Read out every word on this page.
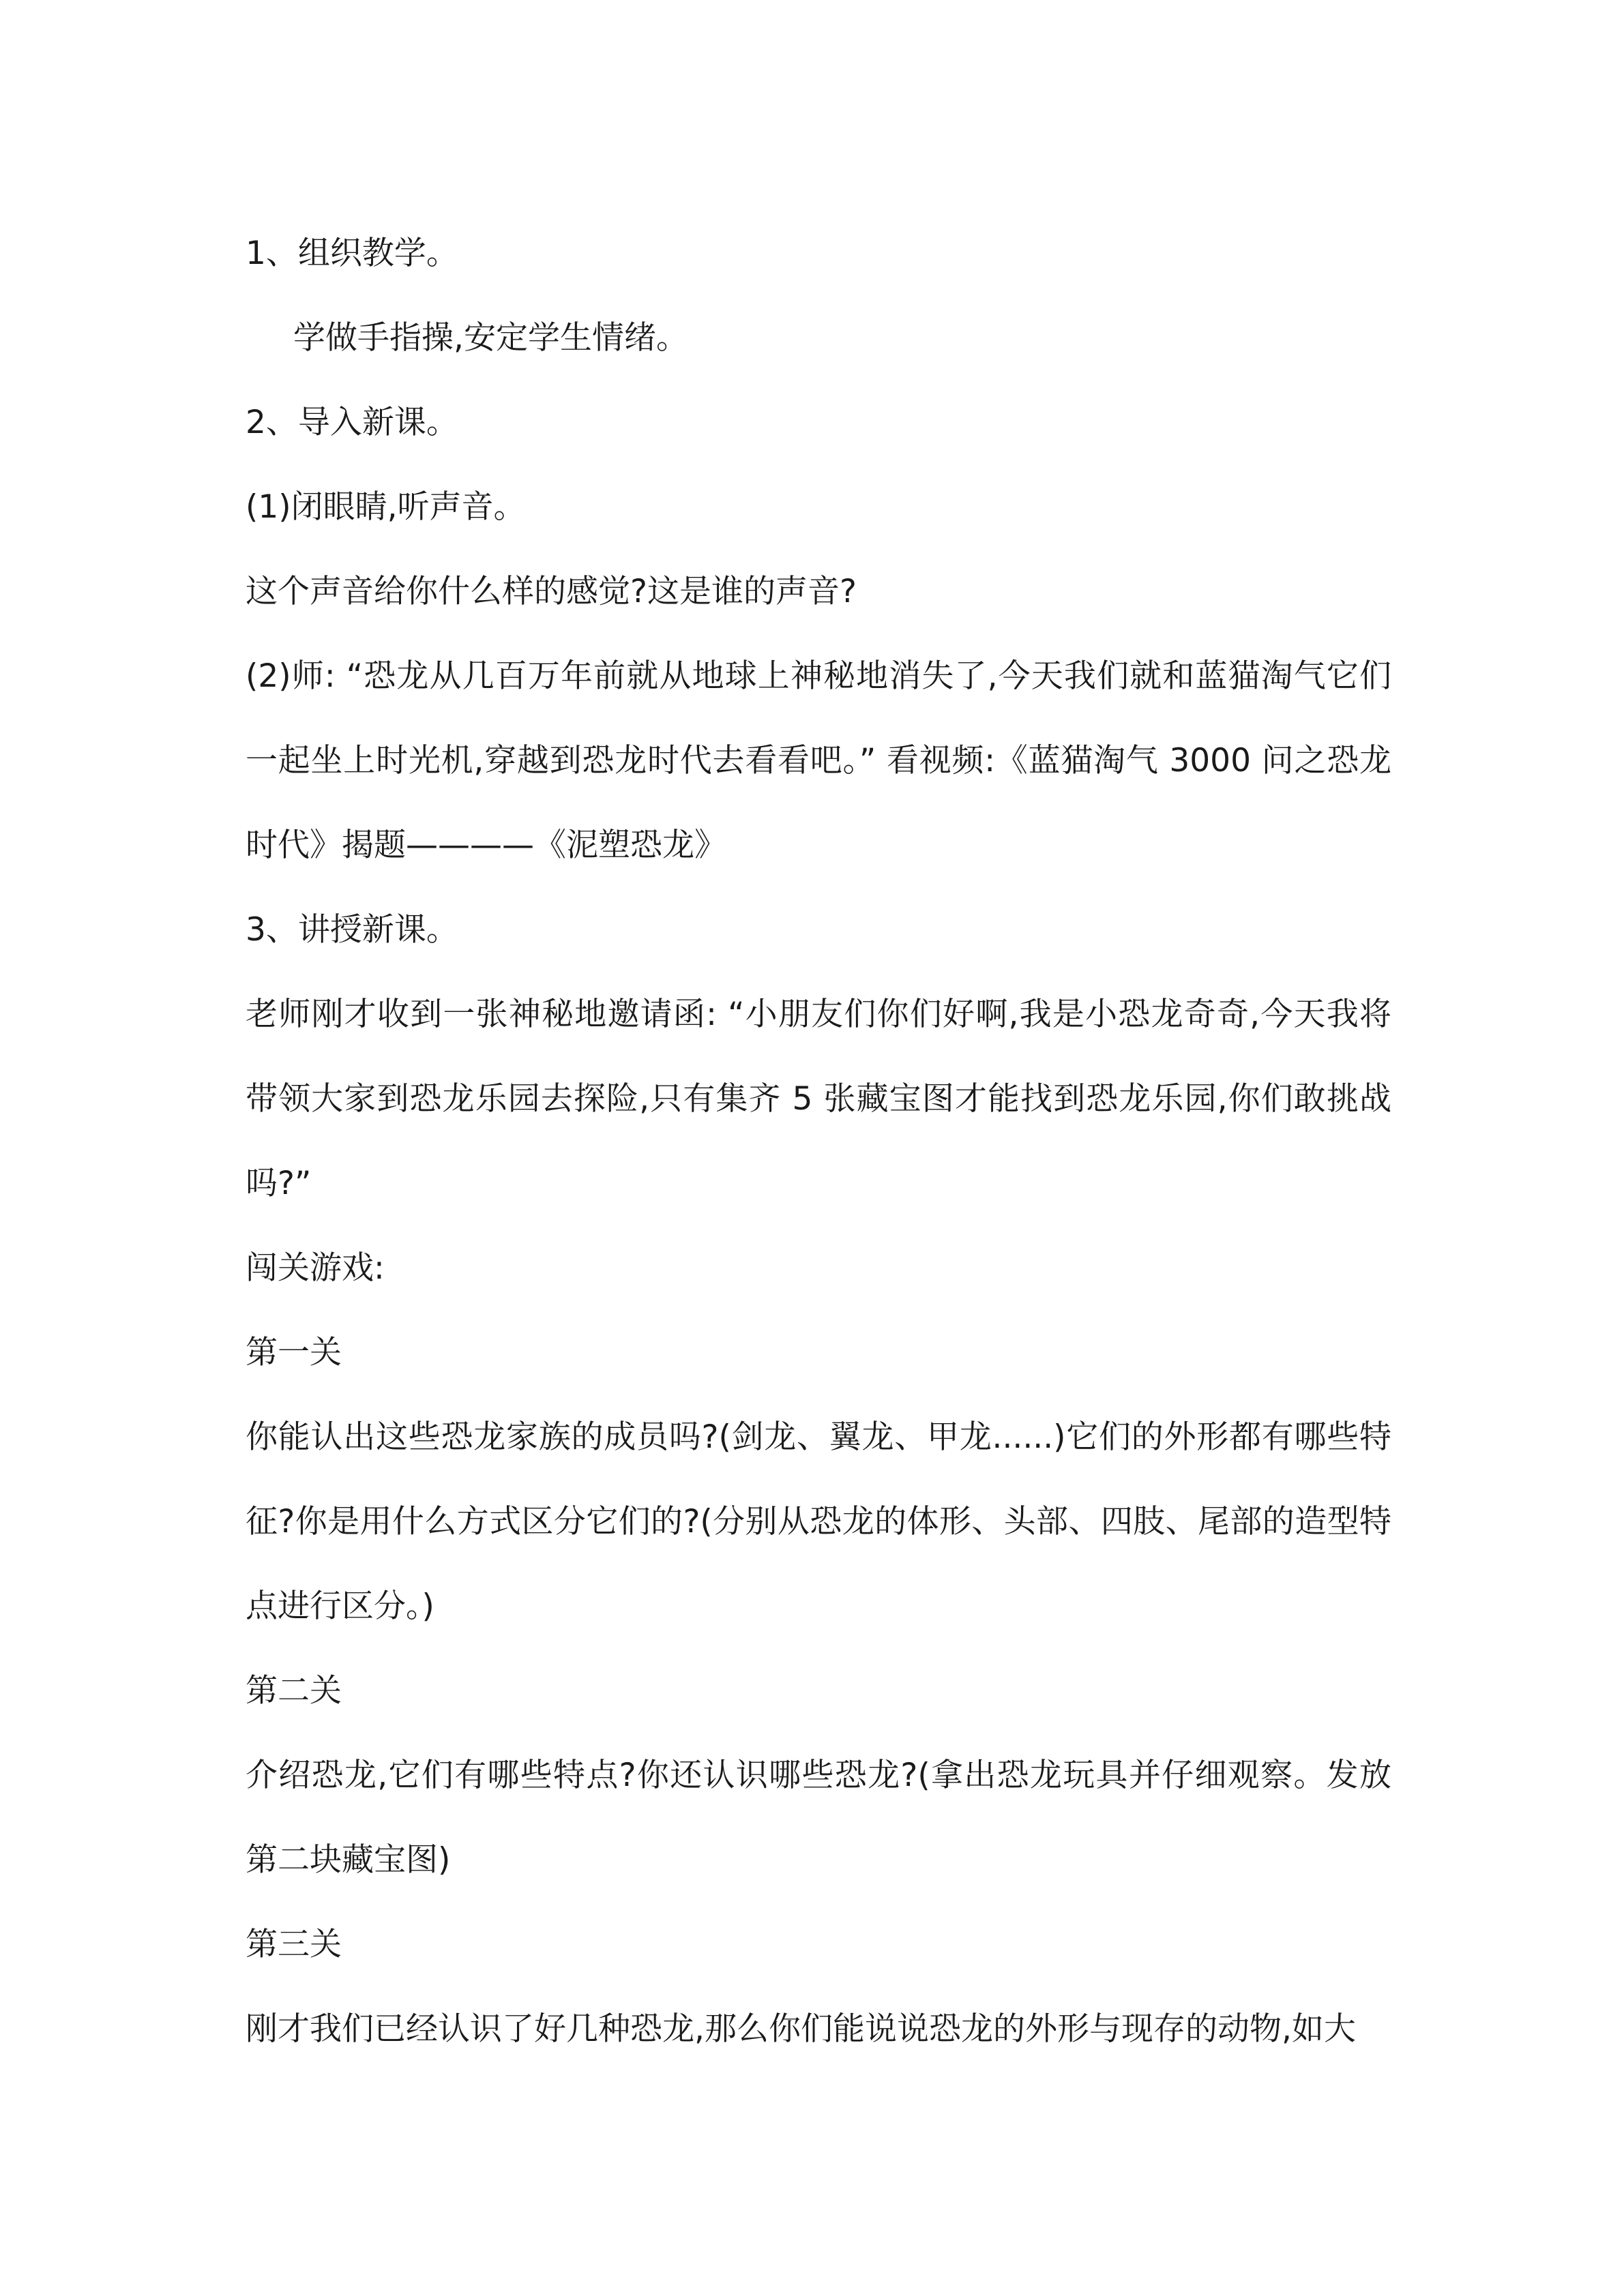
1、组织教学。

学做手指操,安定学生情绪。

2、导入新课。

(1)闭眼睛,听声音。

这个声音给你什么样的感觉?这是谁的声音?

(2)师: “恐龙从几百万年前就从地球上神秘地消失了,今天我们就和蓝猫淘气它们一起坐上时光机,穿越到恐龙时代去看看吧。” 看视频:《蓝猫淘气 3000 问之恐龙时代》揭题————《泥塑恐龙》

3、讲授新课。

老师刚才收到一张神秘地邀请函: “小朋友们你们好啊,我是小恐龙奇奇,今天我将带领大家到恐龙乐园去探险,只有集齐 5 张藏宝图才能找到恐龙乐园,你们敢挑战吗?”

闯关游戏:

第一关

你能认出这些恐龙家族的成员吗?(剑龙、翼龙、甲龙......)它们的外形都有哪些特征?你是用什么方式区分它们的?(分别从恐龙的体形、头部、四肢、尾部的造型特点进行区分。)

第二关

介绍恐龙,它们有哪些特点?你还认识哪些恐龙?(拿出恐龙玩具并仔细观察。发放第二块藏宝图)

第三关

刚才我们已经认识了好几种恐龙,那么你们能说说恐龙的外形与现存的动物,如大
